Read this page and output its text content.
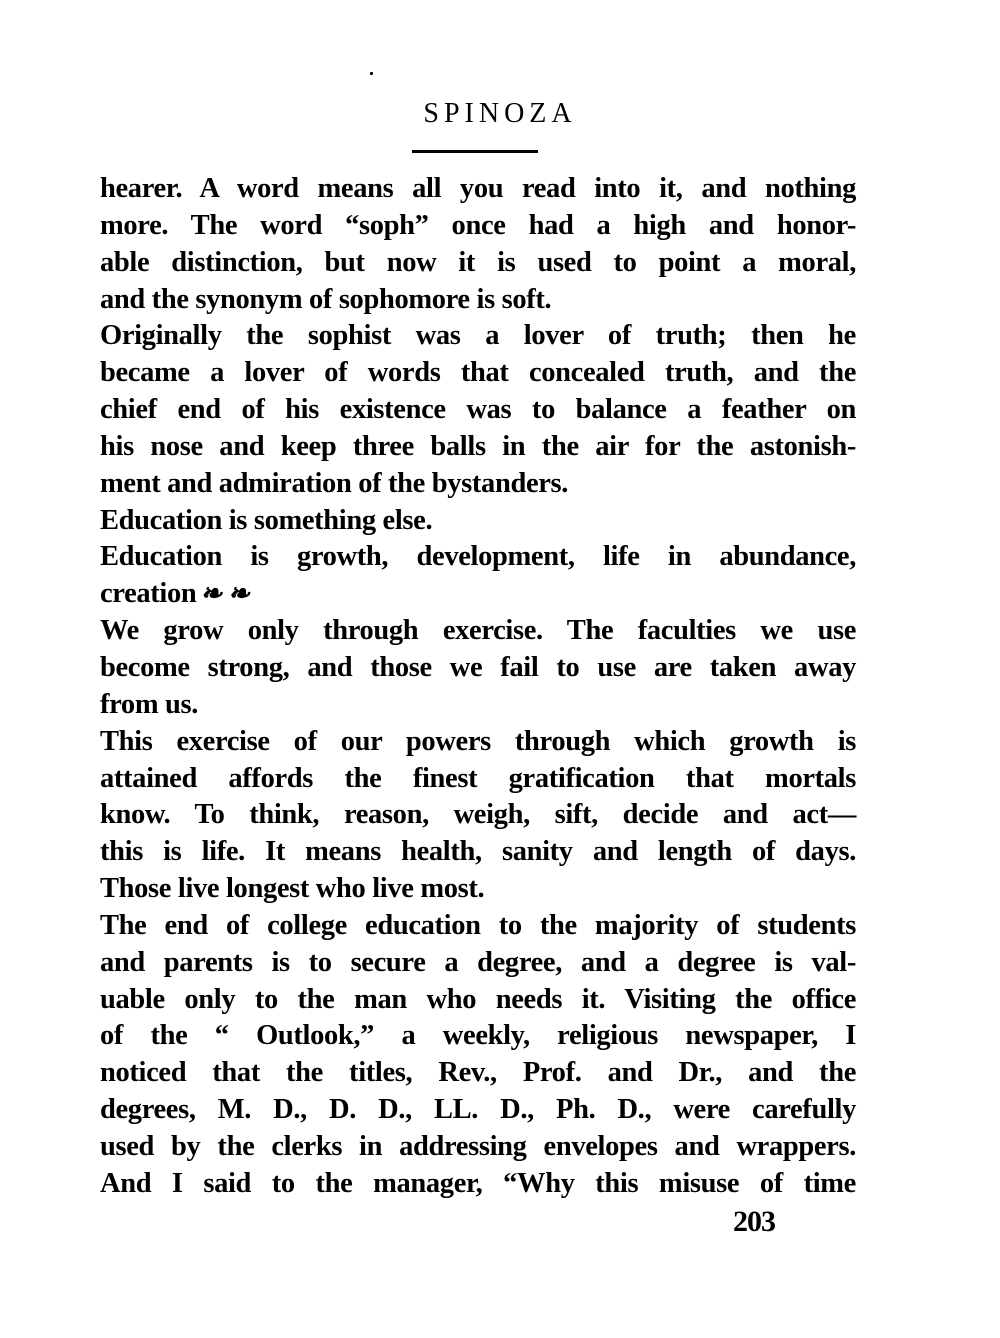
SPINOZA
hearer. A word means all you read into it, and nothing
more. The word “soph” once had a high and honor-
able distinction, but now it is used to point a moral,
and the synonym of sophomore is soft.
Originally the sophist was a lover of truth; then he
became a lover of words that concealed truth, and the
chief end of his existence was to balance a feather on
his nose and keep three balls in the air for the astonish-
ment and admiration of the bystanders.
Education is something else.
Education is growth, development, life in abundance,
creation ❧ ❧
We grow only through exercise. The faculties we use
become strong, and those we fail to use are taken away
from us.
This exercise of our powers through which growth is
attained affords the finest gratification that mortals
know. To think, reason, weigh, sift, decide and act—
this is life. It means health, sanity and length of days.
Those live longest who live most.
The end of college education to the majority of students
and parents is to secure a degree, and a degree is val-
uable only to the man who needs it. Visiting the office
of the “ Outlook,” a weekly, religious newspaper, I
noticed that the titles, Rev., Prof. and Dr., and the
degrees, M. D., D. D., LL. D., Ph. D., were carefully
used by the clerks in addressing envelopes and wrappers.
And I said to the manager, “Why this misuse of time
203
